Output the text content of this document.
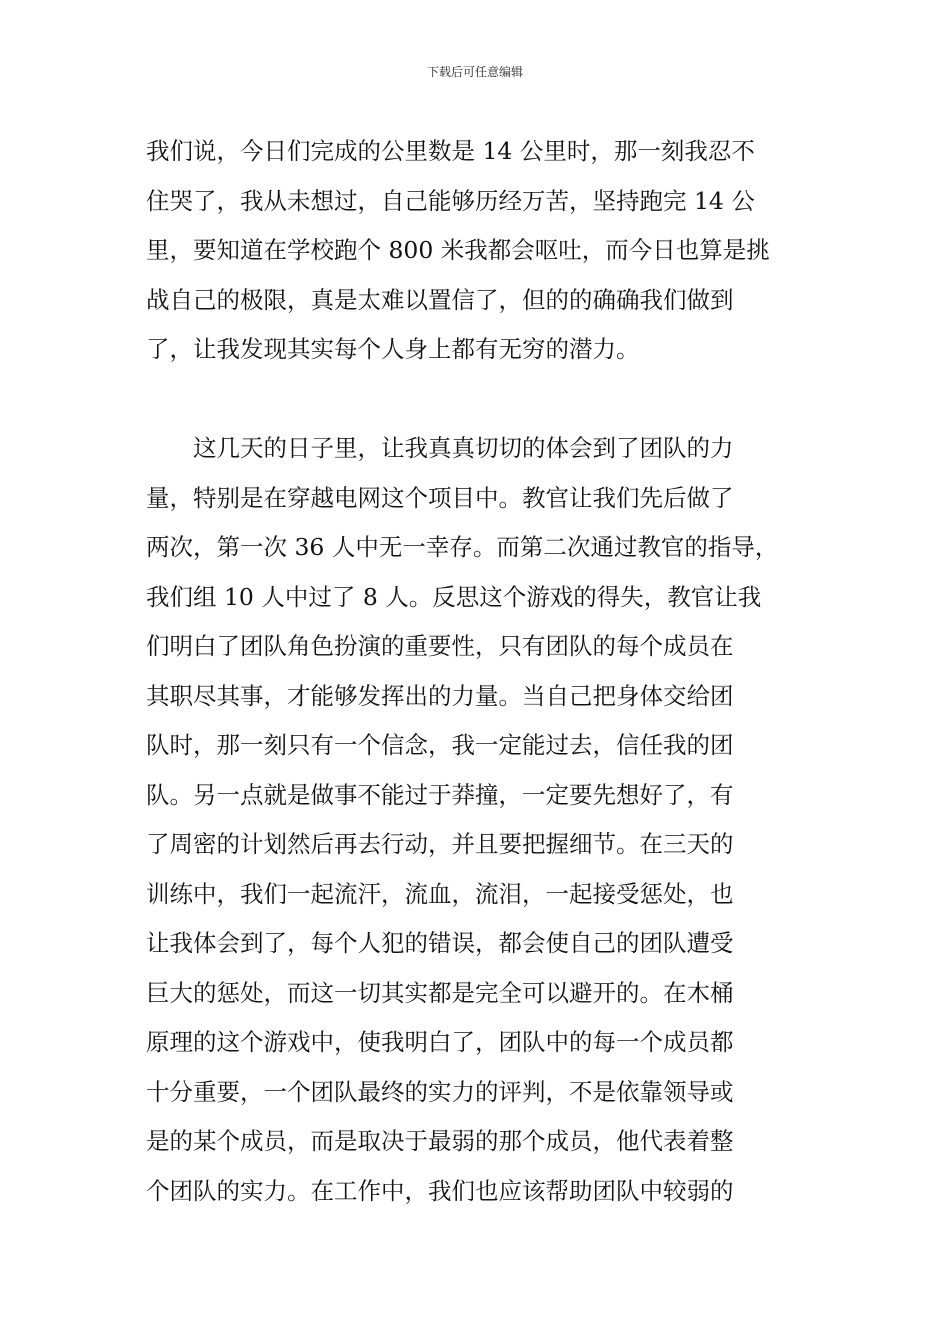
下载后可任意编辑
我们说，今日们完成的公里数是 14 公里时，那一刻我忍不
住哭了，我从未想过，自己能够历经万苦，坚持跑完 14 公
里，要知道在学校跑个 800 米我都会呕吐，而今日也算是挑
战自己的极限，真是太难以置信了，但的的确确我们做到
了，让我发现其实每个人身上都有无穷的潜力。
　　这几天的日子里，让我真真切切的体会到了团队的力
量，特别是在穿越电网这个项目中。教官让我们先后做了
两次，第一次 36 人中无一幸存。而第二次通过教官的指导，
我们组 10 人中过了 8 人。反思这个游戏的得失，教官让我
们明白了团队角色扮演的重要性，只有团队的每个成员在
其职尽其事，才能够发挥出的力量。当自己把身体交给团
队时，那一刻只有一个信念，我一定能过去，信任我的团
队。另一点就是做事不能过于莽撞，一定要先想好了，有
了周密的计划然后再去行动，并且要把握细节。在三天的
训练中，我们一起流汗，流血，流泪，一起接受惩处，也
让我体会到了，每个人犯的错误，都会使自己的团队遭受
巨大的惩处，而这一切其实都是完全可以避开的。在木桶
原理的这个游戏中，使我明白了，团队中的每一个成员都
十分重要，一个团队最终的实力的评判，不是依靠领导或
是的某个成员，而是取决于最弱的那个成员，他代表着整
个团队的实力。在工作中，我们也应该帮助团队中较弱的
